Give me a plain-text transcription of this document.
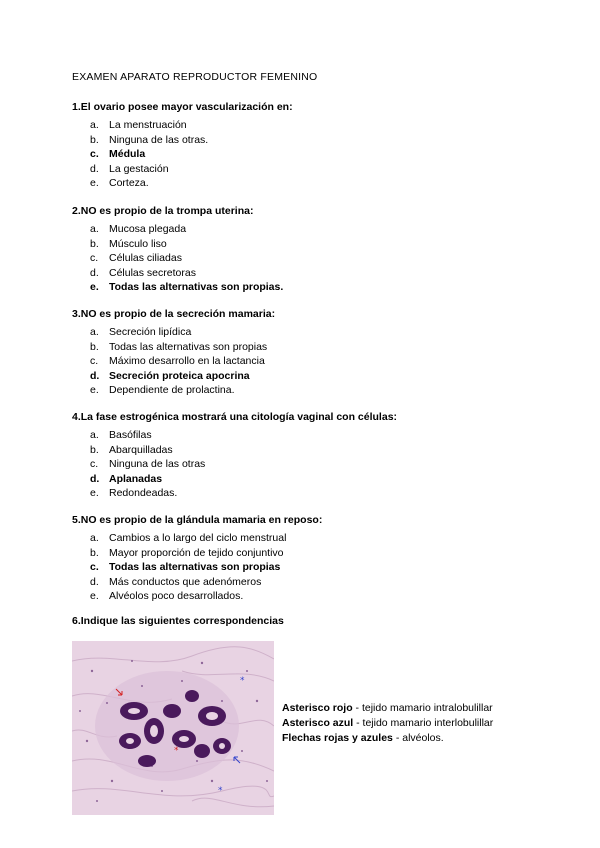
EXAMEN APARATO REPRODUCTOR FEMENINO
1.El ovario posee mayor vascularización en:
a. La menstruación
b. Ninguna de las otras.
c. Médula
d. La gestación
e. Corteza.
2.NO es propio de la trompa uterina:
a. Mucosa plegada
b. Músculo liso
c. Células ciliadas
d. Células secretoras
e. Todas las alternativas son propias.
3.NO es propio de la secreción mamaria:
a. Secreción lipídica
b. Todas las alternativas son propias
c. Máximo desarrollo en la lactancia
d. Secreción proteica apocrina
e. Dependiente de prolactina.
4.La fase estrogénica mostrará una citología vaginal con células:
a. Basófilas
b. Abarquilladas
c. Ninguna de las otras
d. Aplanadas
e. Redondeadas.
5.NO es propio de la glándula mamaria en reposo:
a. Cambios a lo largo del ciclo menstrual
b. Mayor proporción de tejido conjuntivo
c. Todas las alternativas son propias
d. Más conductos que adenómeros
e. Alvéolos poco desarrollados.
6.Indique las siguientes correspondencias
*
*
*
Asterisco rojo - tejido mamario intralobulillar
Asterisco azul - tejido mamario interlobulillar
Flechas rojas y azules - alvéolos.
